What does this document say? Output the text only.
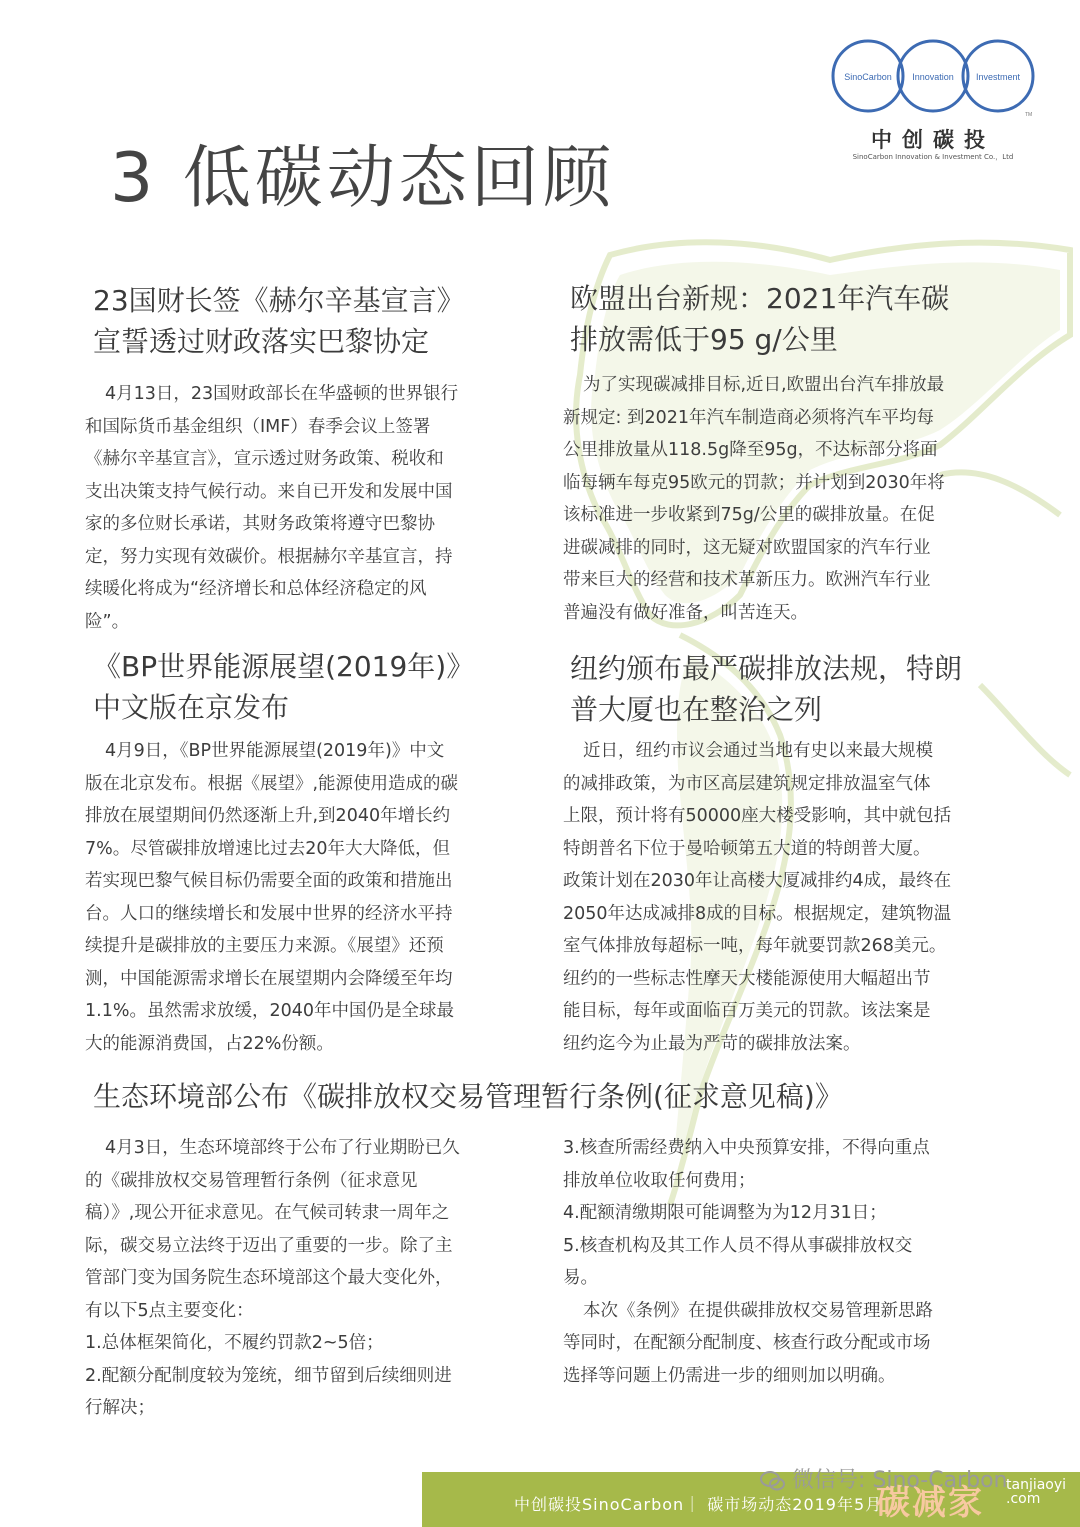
SinoCarbon Innovation Investment
TM
中创碳投
SinoCarbon Innovation & Investment Co.，Ltd
3 低碳动态回顾
23国财长签《赫尔辛基宣言》
宣誓透过财政落实巴黎协定

4月13日，23国财政部长在华盛顿的世界银行
和国际货币基金组织（IMF）春季会议上签署
《赫尔辛基宣言》，宣示透过财务政策、税收和
支出决策支持气候行动。来自已开发和发展中国
家的多位财长承诺，其财务政策将遵守巴黎协
定，努力实现有效碳价。根据赫尔辛基宣言，持
续暖化将成为“经济增长和总体经济稳定的风
险”。

欧盟出台新规：2021年汽车碳
排放需低于95 g/公里

为了实现碳减排目标,近日,欧盟出台汽车排放最
新规定: 到2021年汽车制造商必须将汽车平均每
公里排放量从118.5g降至95g，不达标部分将面
临每辆车每克95欧元的罚款；并计划到2030年将
该标准进一步收紧到75g/公里的碳排放量。在促
进碳减排的同时，这无疑对欧盟国家的汽车行业
带来巨大的经营和技术革新压力。欧洲汽车行业
普遍没有做好准备，叫苦连天。

《BP世界能源展望(2019年)》
中文版在京发布

4月9日，《BP世界能源展望(2019年)》中文
版在北京发布。根据《展望》,能源使用造成的碳
排放在展望期间仍然逐渐上升,到2040年增长约
7%。尽管碳排放增速比过去20年大大降低，但
若实现巴黎气候目标仍需要全面的政策和措施出
台。人口的继续增长和发展中世界的经济水平持
续提升是碳排放的主要压力来源。《展望》还预
测，中国能源需求增长在展望期内会降缓至年均
1.1%。虽然需求放缓，2040年中国仍是全球最
大的能源消费国，占22%份额。

纽约颁布最严碳排放法规，特朗
普大厦也在整治之列

近日，纽约市议会通过当地有史以来最大规模
的减排政策，为市区高层建筑规定排放温室气体
上限，预计将有50000座大楼受影响，其中就包括
特朗普名下位于曼哈顿第五大道的特朗普大厦。
政策计划在2030年让高楼大厦减排约4成，最终在
2050年达成减排8成的目标。根据规定，建筑物温
室气体排放每超标一吨，每年就要罚款268美元。
纽约的一些标志性摩天大楼能源使用大幅超出节
能目标，每年或面临百万美元的罚款。该法案是
纽约迄今为止最为严苛的碳排放法案。

生态环境部公布《碳排放权交易管理暂行条例(征求意见稿)》

4月3日，生态环境部终于公布了行业期盼已久
的《碳排放权交易管理暂行条例（征求意见
稿）》,现公开征求意见。在气候司转隶一周年之
际，碳交易立法终于迈出了重要的一步。除了主
管部门变为国务院生态环境部这个最大变化外，
有以下5点主要变化：
1.总体框架简化，不履约罚款2~5倍；
2.配额分配制度较为笼统，细节留到后续细则进
行解决；

3.核查所需经费纳入中央预算安排，不得向重点
排放单位收取任何费用；
4.配额清缴期限可能调整为为12月31日；
5.核查机构及其工作人员不得从事碳排放权交
易。
本次《条例》在提供碳排放权交易管理新思路
等同时，在配额分配制度、核查行政分配或市场
选择等问题上仍需进一步的细则加以明确。

中创碳投SinoCarbon｜ 碳市场动态2019年5月
微信号: Sino-Carbon
碳减家 tanjiaoyi
.com
